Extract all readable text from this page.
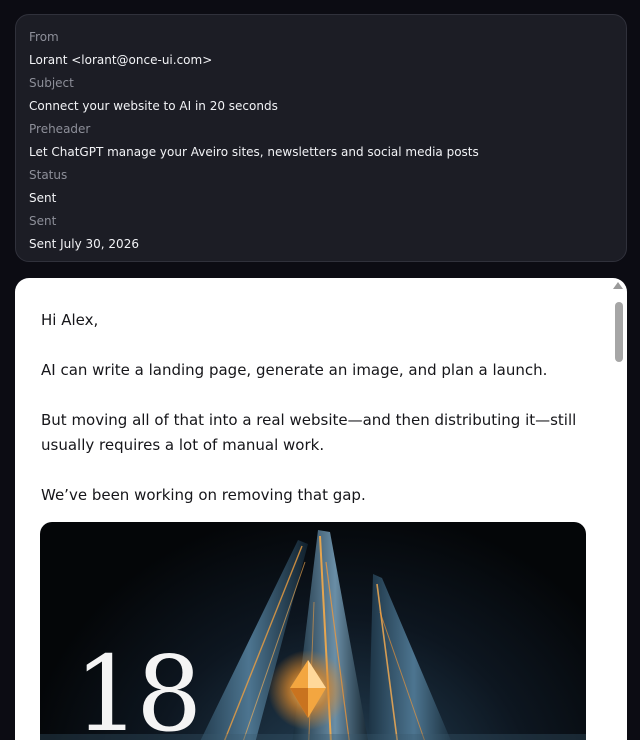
From
Lorant <lorant@once-ui.com>
Subject
Connect your website to AI in 20 seconds
Preheader
Let ChatGPT manage your Aveiro sites, newsletters and social media posts
Status
Sent
Sent
Sent July 30, 2026

Hi Alex,

AI can write a landing page, generate an image, and plan a launch.

But moving all of that into a real website—and then distributing it—still usually requires a lot of manual work.

We’ve been working on removing that gap.

18
